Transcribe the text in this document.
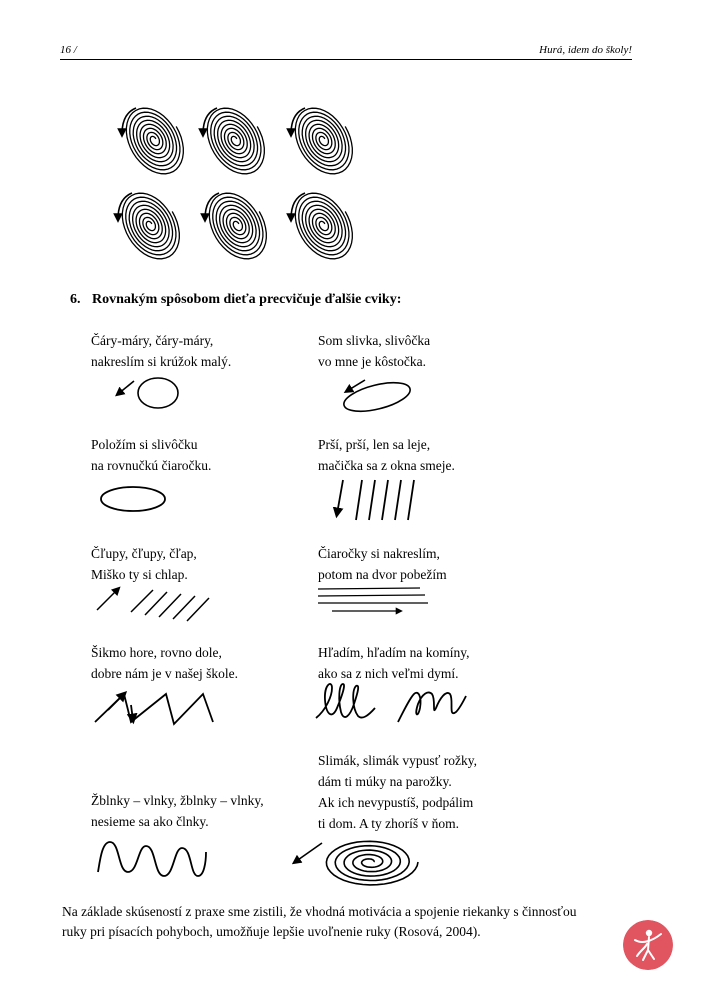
16 /	Hurá, idem do školy!
6. Rovnakým spôsobom dieťa precvičuje ďalšie cviky:
Čáry-máry, čáry-máry,
nakreslím si krúžok malý.
Som slivka, slivôčka
vo mne je kôstočka.
Položím si slivôčku
na rovnučkú čiaročku.
Prší, prší, len sa leje,
mačička sa z okna smeje.
Čľupy, čľupy, čľap,
Miško ty si chlap.
Čiaročky si nakreslím,
potom na dvor pobežím
Šikmo hore, rovno dole,
dobre nám je v našej škole.
Hľadím, hľadím na komíny,
ako sa z nich veľmi dymí.
Žblnky – vlnky, žblnky – vlnky,
nesieme sa ako člnky.
Slimák, slimák vypusť rožky,
dám ti múky na parožky.
Ak ich nevypustíš, podpálim
ti dom. A ty zhoríš v ňom.
Na základe skúseností z praxe sme zistili, že vhodná motivácia a spojenie riekanky s činnosťou
ruky pri písacích pohyboch, umožňuje lepšie uvoľnenie ruky (Rosová, 2004).
